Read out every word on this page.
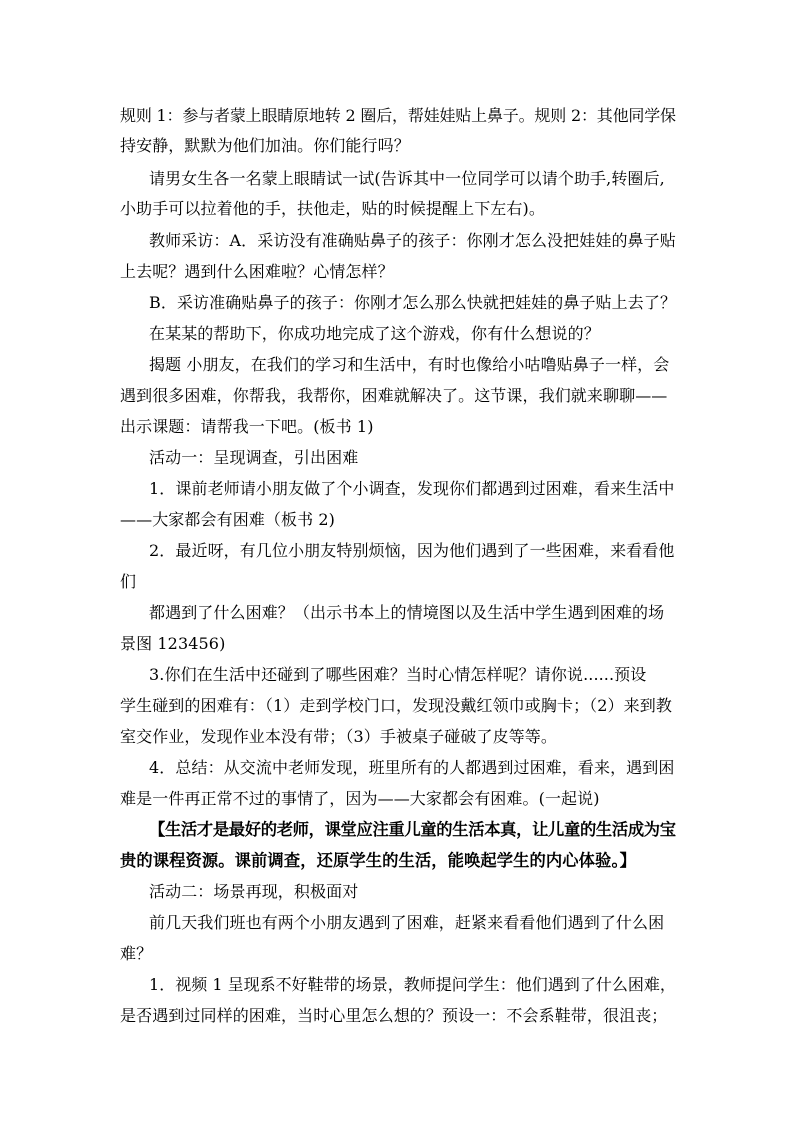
规则 1：参与者蒙上眼睛原地转 2 圈后，帮娃娃贴上鼻子。规则 2：其他同学保
持安静，默默为他们加油。你们能行吗？
请男女生各一名蒙上眼睛试一试(告诉其中一位同学可以请个助手,转圈后,
小助手可以拉着他的手，扶他走，贴的时候提醒上下左右)。
教师采访：A．采访没有准确贴鼻子的孩子：你刚才怎么没把娃娃的鼻子贴
上去呢？遇到什么困难啦？心情怎样？
B．采访准确贴鼻子的孩子：你刚才怎么那么快就把娃娃的鼻子贴上去了？
在某某的帮助下，你成功地完成了这个游戏，你有什么想说的？
揭题 小朋友，在我们的学习和生活中，有时也像给小咕噜贴鼻子一样，会
遇到很多困难，你帮我，我帮你，困难就解决了。这节课，我们就来聊聊——
出示课题：请帮我一下吧。(板书 1)
活动一：呈现调查，引出困难
1．课前老师请小朋友做了个小调查，发现你们都遇到过困难，看来生活中
——大家都会有困难（板书 2)
2．最近呀，有几位小朋友特别烦恼，因为他们遇到了一些困难，来看看他
们
都遇到了什么困难？（出示书本上的情境图以及生活中学生遇到困难的场
景图 123456)
3.你们在生活中还碰到了哪些困难？当时心情怎样呢？请你说......预设
学生碰到的困难有：（1）走到学校门口，发现没戴红领巾或胸卡；（2）来到教
室交作业，发现作业本没有带；（3）手被桌子碰破了皮等等。
4．总结：从交流中老师发现，班里所有的人都遇到过困难，看来，遇到困
难是一件再正常不过的事情了，因为——大家都会有困难。(一起说)
【生活才是最好的老师，课堂应注重儿童的生活本真，让儿童的生活成为宝
贵的课程资源。课前调查，还原学生的生活，能唤起学生的内心体验。】
活动二：场景再现，积极面对
前几天我们班也有两个小朋友遇到了困难，赶紧来看看他们遇到了什么困
难？
1．视频 1 呈现系不好鞋带的场景，教师提问学生：他们遇到了什么困难，
是否遇到过同样的困难，当时心里怎么想的？预设一：不会系鞋带，很沮丧；
